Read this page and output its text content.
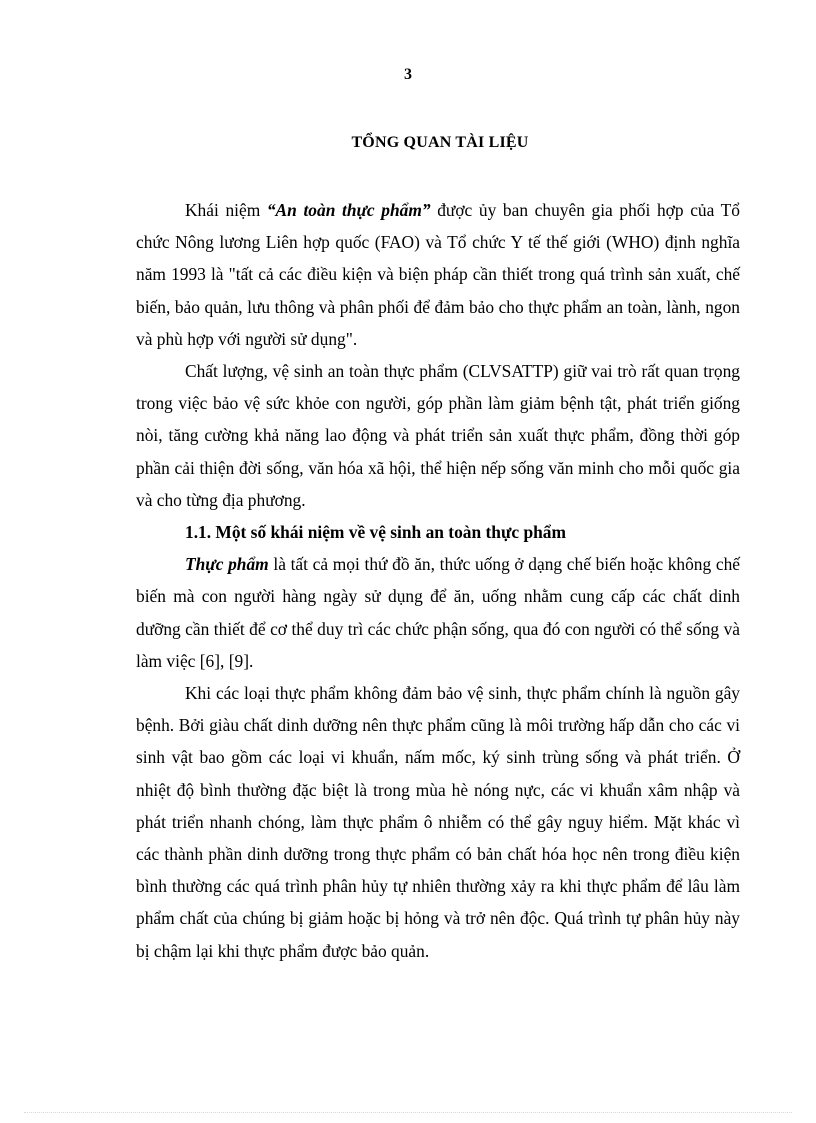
3
TỔNG QUAN TÀI LIỆU

Khái niệm “An toàn thực phẩm” được ủy ban chuyên gia phối hợp của Tổ chức Nông lương Liên hợp quốc (FAO) và Tổ chức Y tế thế giới (WHO) định nghĩa năm 1993 là "tất cả các điều kiện và biện pháp cần thiết trong quá trình sản xuất, chế biến, bảo quản, lưu thông và phân phối để đảm bảo cho thực phẩm an toàn, lành, ngon và phù hợp với người sử dụng".

Chất lượng, vệ sinh an toàn thực phẩm (CLVSATTP) giữ vai trò rất quan trọng trong việc bảo vệ sức khỏe con người, góp phần làm giảm bệnh tật, phát triển giống nòi, tăng cường khả năng lao động và phát triển sản xuất thực phẩm, đồng thời góp phần cải thiện đời sống, văn hóa xã hội, thể hiện nếp sống văn minh cho mỗi quốc gia và cho từng địa phương.

1.1. Một số khái niệm về vệ sinh an toàn thực phẩm

Thực phẩm là tất cả mọi thứ đồ ăn, thức uống ở dạng chế biến hoặc không chế biến mà con người hàng ngày sử dụng để ăn, uống nhằm cung cấp các chất dinh dưỡng cần thiết để cơ thể duy trì các chức phận sống, qua đó con người có thể sống và làm việc [6], [9].

Khi các loại thực phẩm không đảm bảo vệ sinh, thực phẩm chính là nguồn gây bệnh. Bởi giàu chất dinh dưỡng nên thực phẩm cũng là môi trường hấp dẫn cho các vi sinh vật bao gồm các loại vi khuẩn, nấm mốc, ký sinh trùng sống và phát triển. Ở nhiệt độ bình thường đặc biệt là trong mùa hè nóng nực, các vi khuẩn xâm nhập và phát triển nhanh chóng, làm thực phẩm ô nhiễm có thể gây nguy hiểm. Mặt khác vì các thành phần dinh dưỡng trong thực phẩm có bản chất hóa học nên trong điều kiện bình thường các quá trình phân hủy tự nhiên thường xảy ra khi thực phẩm để lâu làm phẩm chất của chúng bị giảm hoặc bị hỏng và trở nên độc. Quá trình tự phân hủy này bị chậm lại khi thực phẩm được bảo quản.
